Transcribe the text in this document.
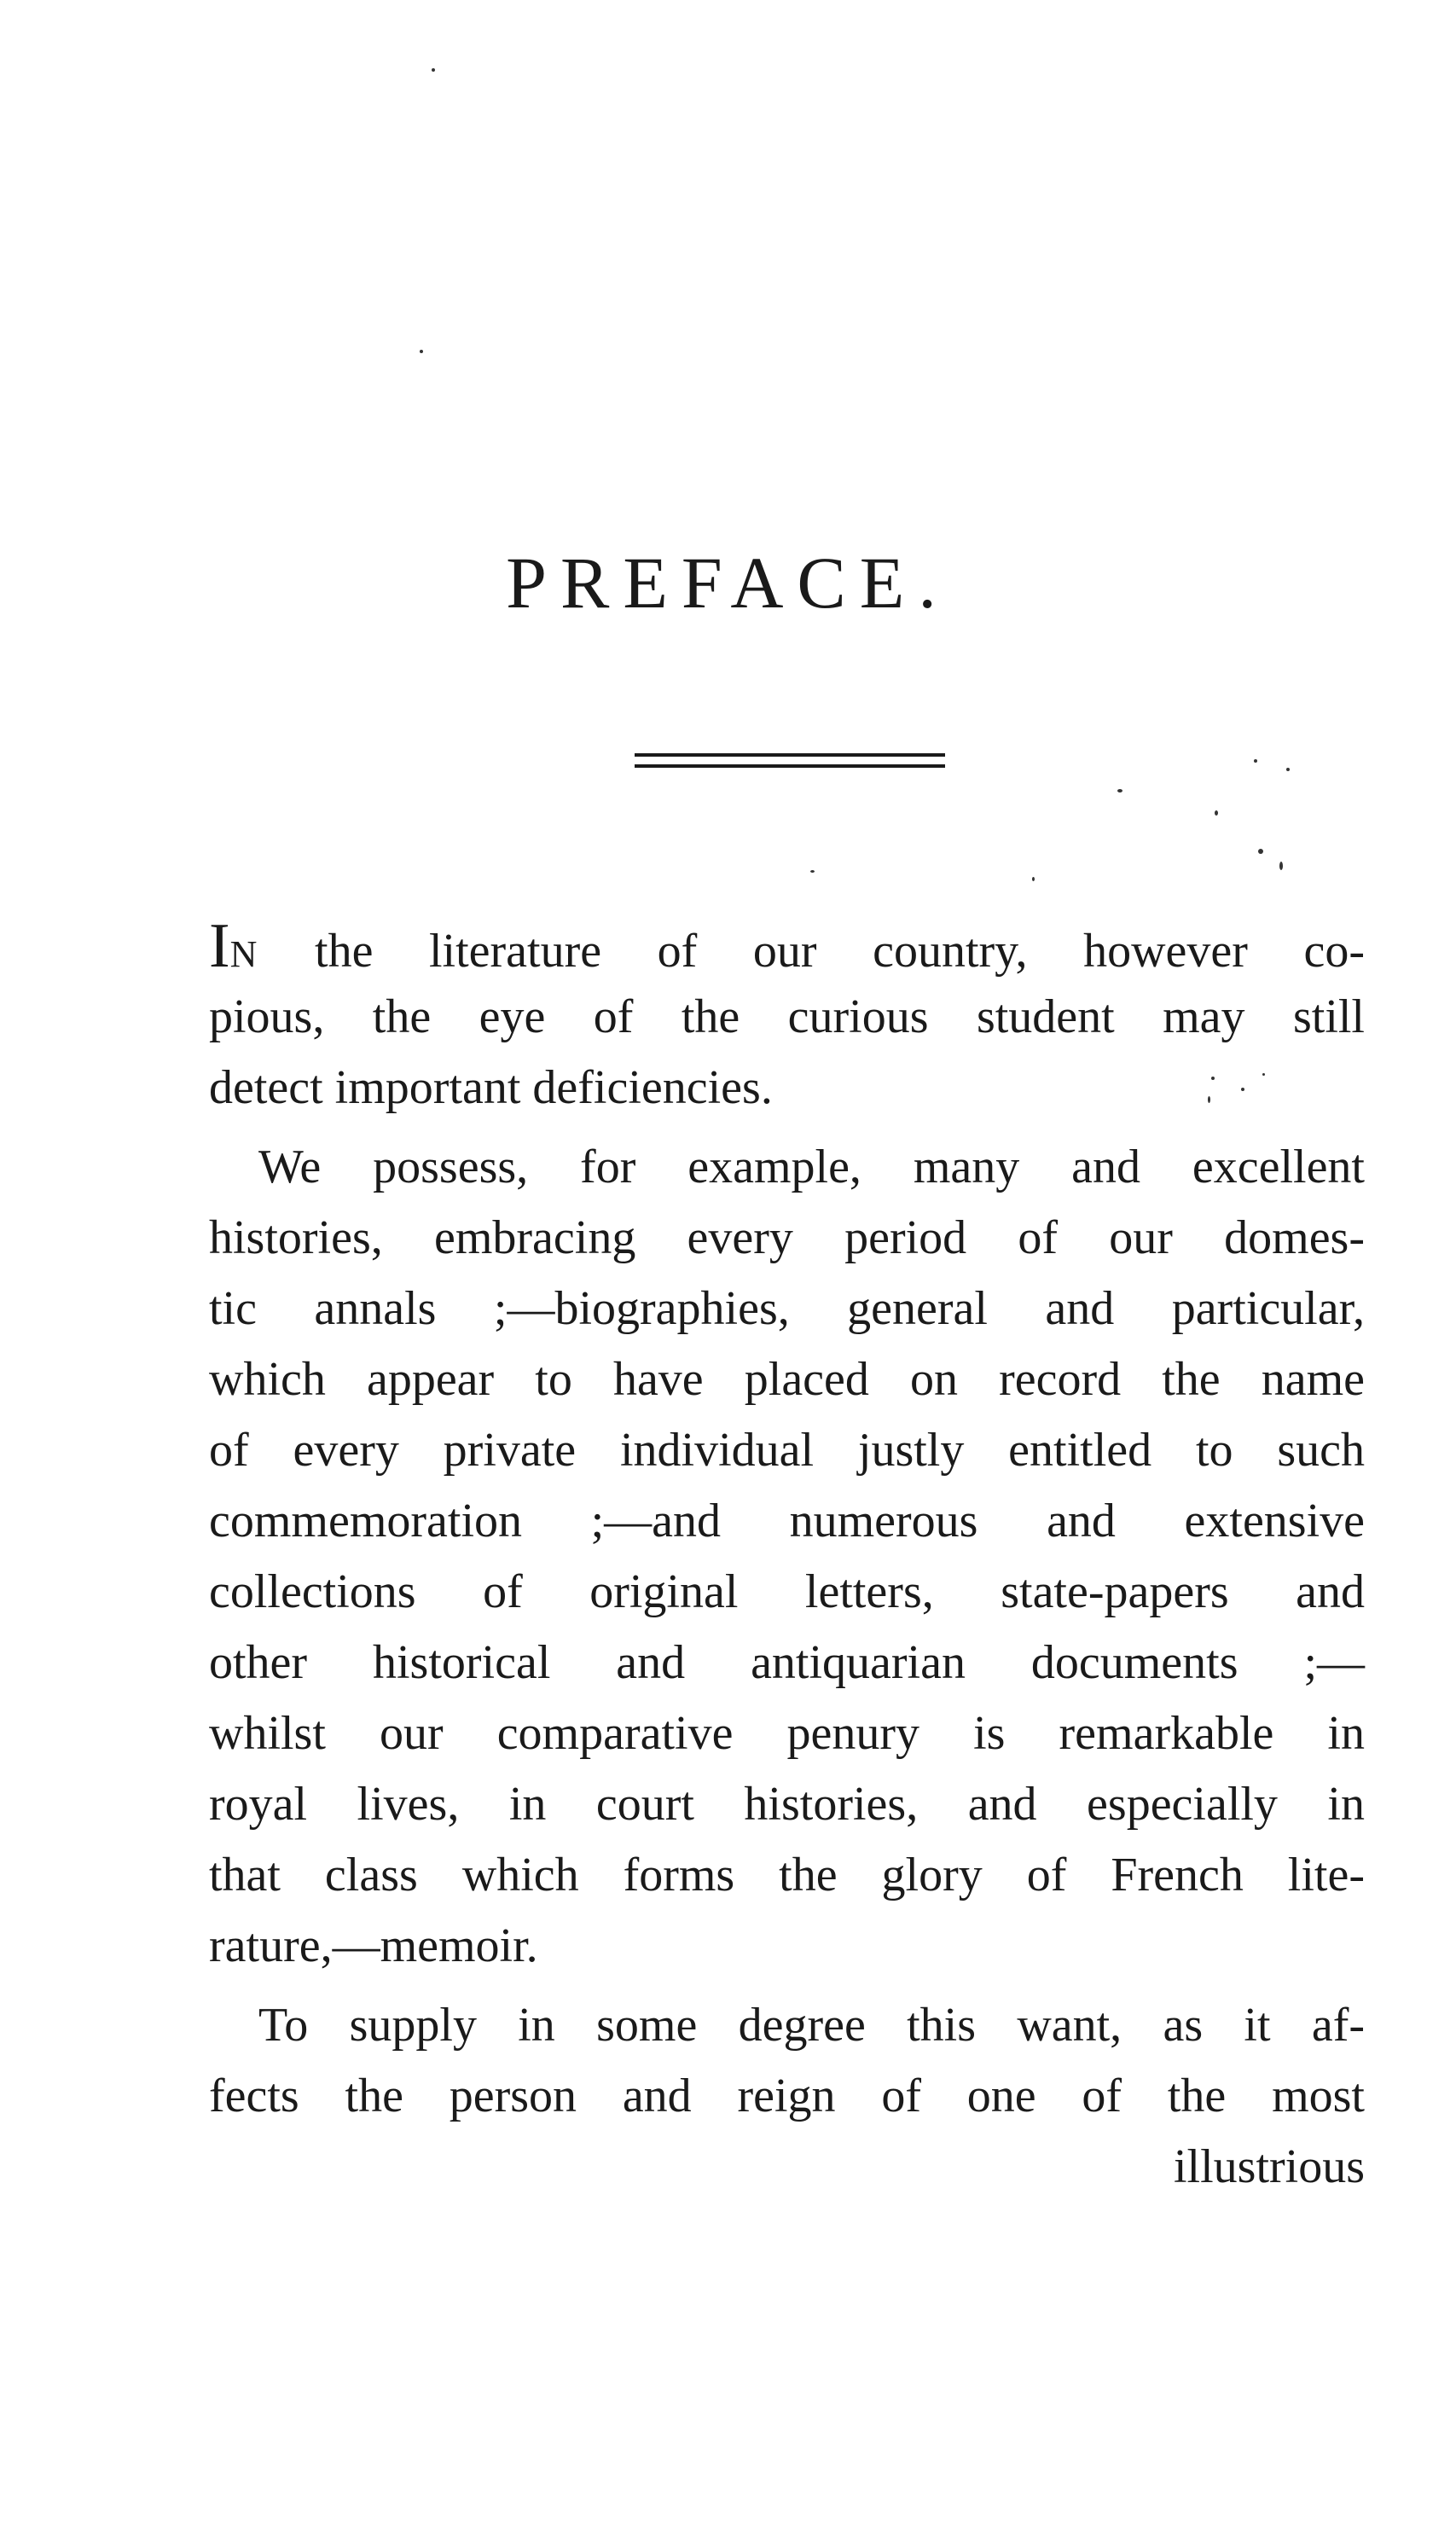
PREFACE.
IN the literature of our country, however co-
pious, the eye of the curious student may still
detect important deficiencies.
We possess, for example, many and excellent
histories, embracing every period of our domes-
tic annals ;—biographies, general and particular,
which appear to have placed on record the name
of every private individual justly entitled to such
commemoration ;—and numerous and extensive
collections of original letters, state-papers and
other historical and antiquarian documents ;—
whilst our comparative penury is remarkable in
royal lives, in court histories, and especially in
that class which forms the glory of French lite-
rature,—memoir.
To supply in some degree this want, as it af-
fects the person and reign of one of the most
illustrious
